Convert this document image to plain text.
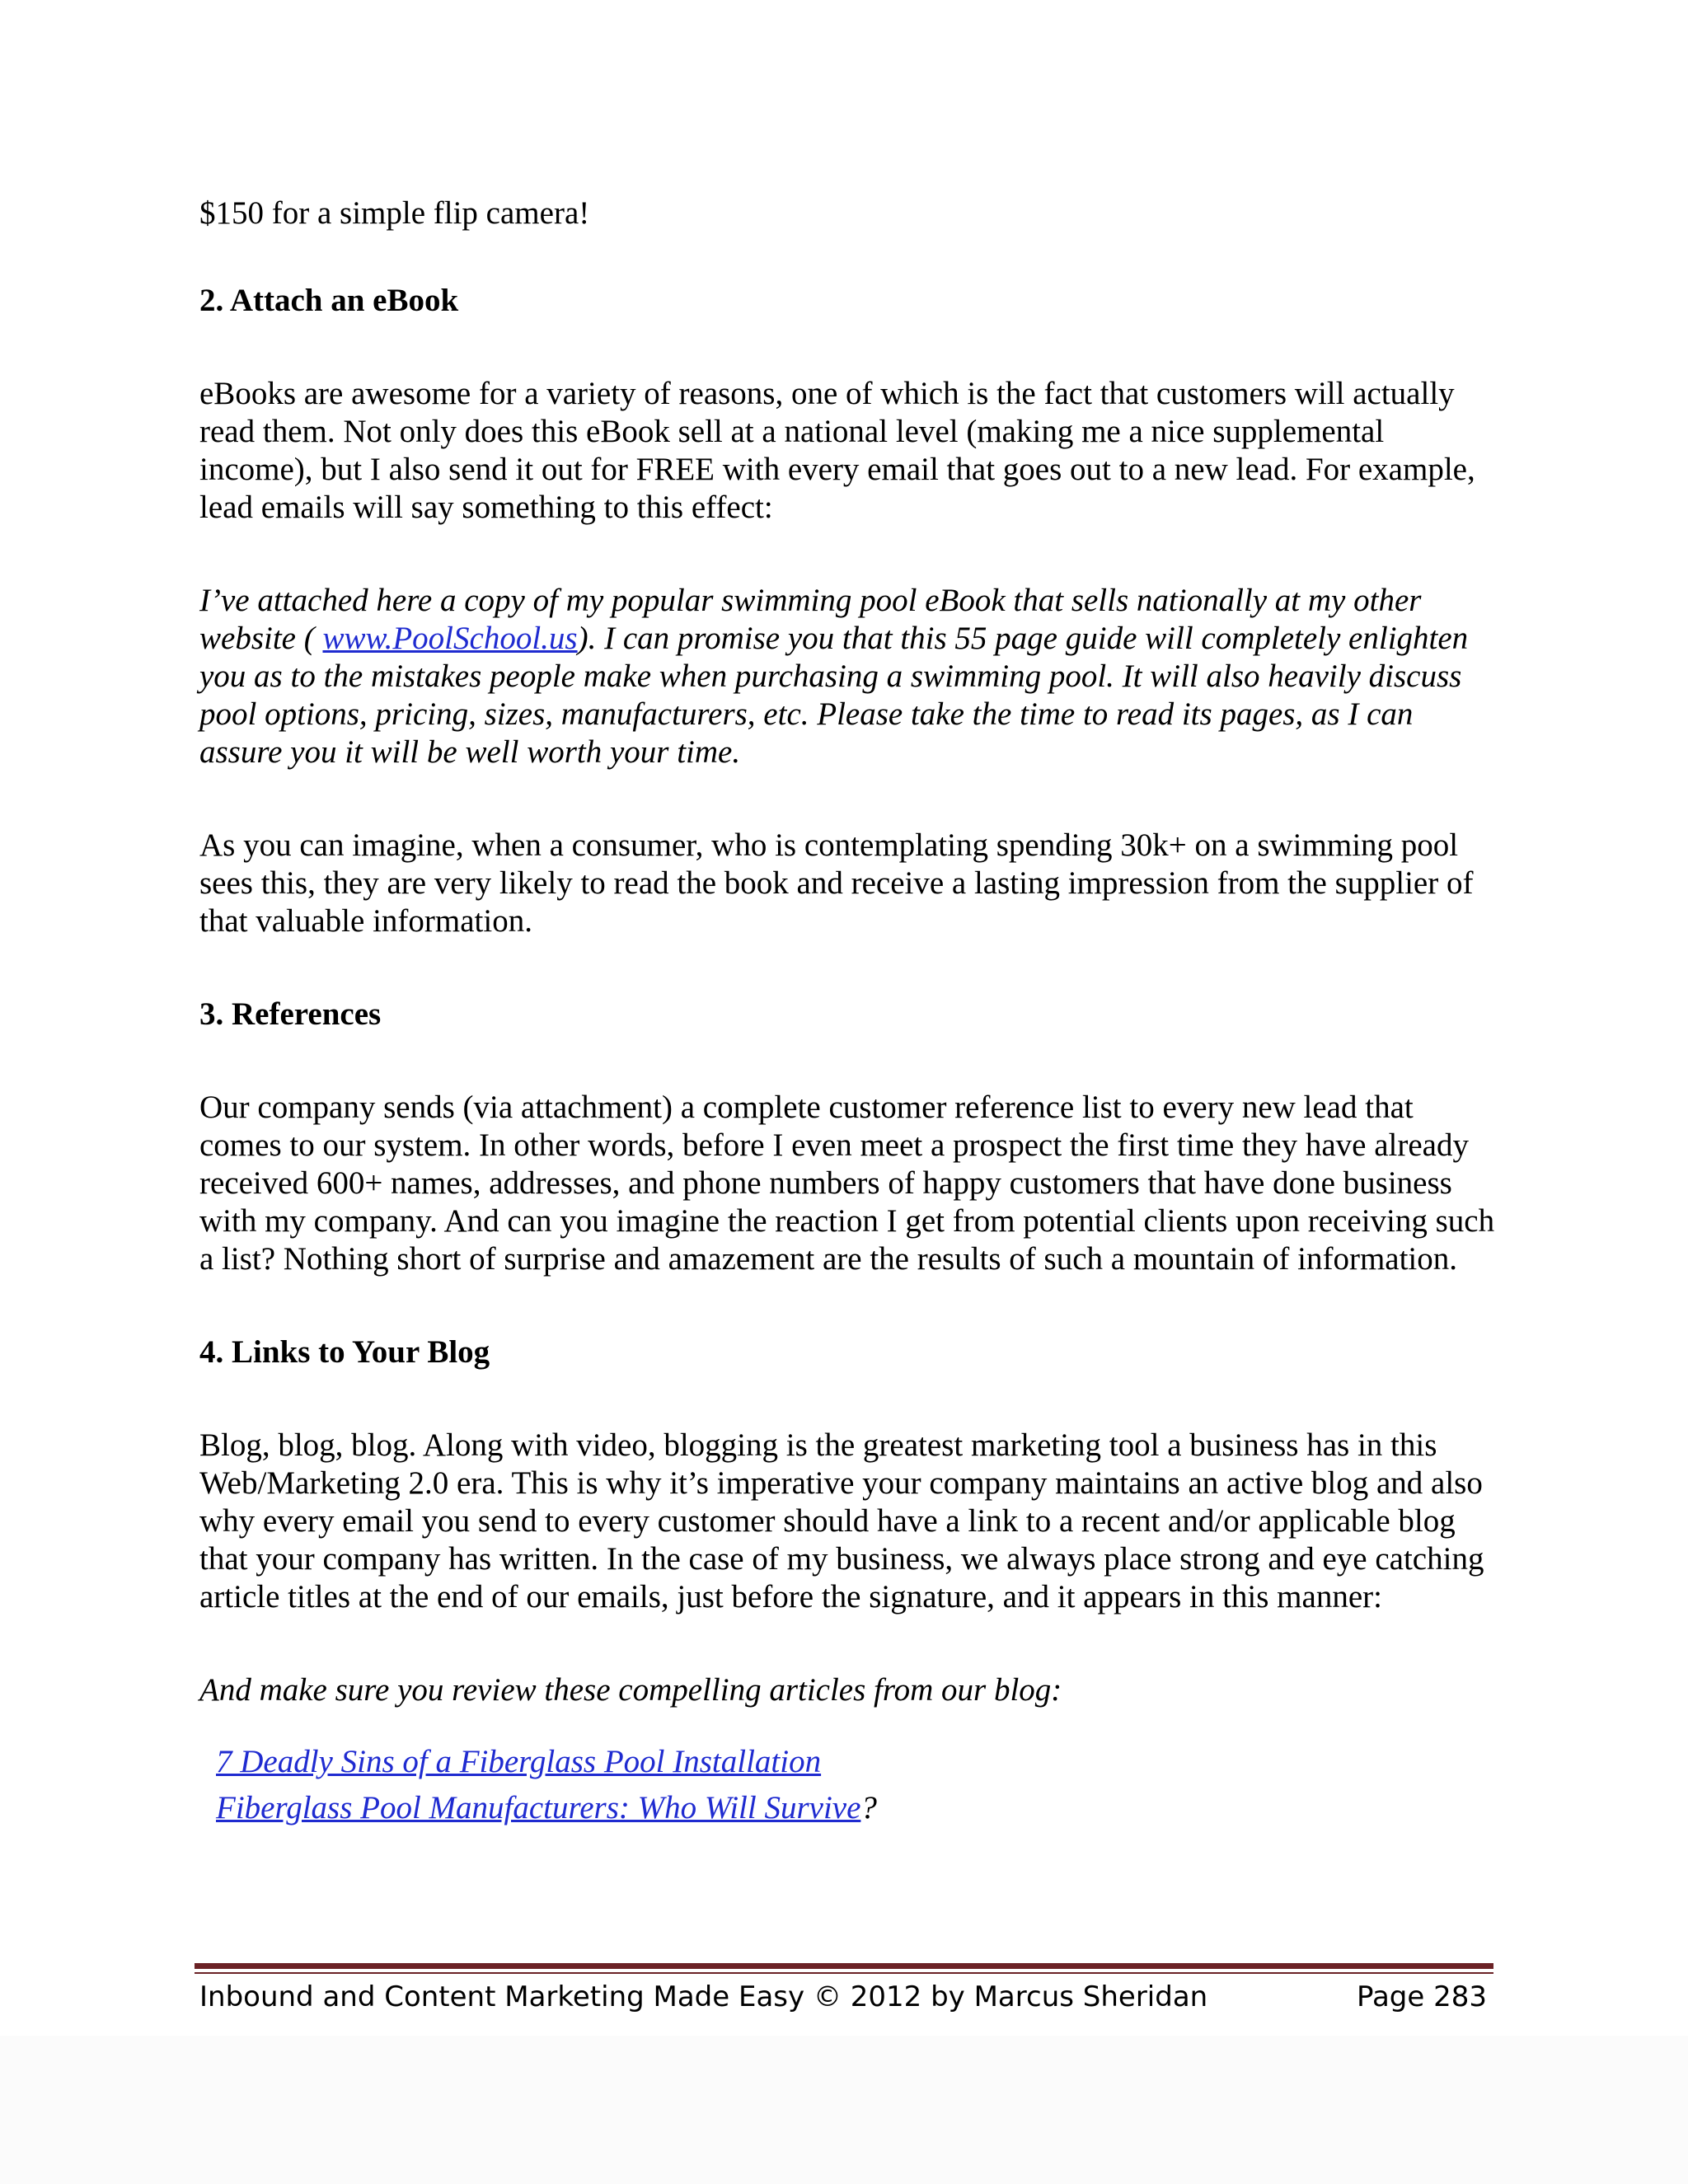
$150 for a simple flip camera!

2. Attach an eBook

eBooks are awesome for a variety of reasons, one of which is the fact that customers will actually read them. Not only does this eBook sell at a national level (making me a nice supplemental income), but I also send it out for FREE with every email that goes out to a new lead. For example, lead emails will say something to this effect:

I’ve attached here a copy of my popular swimming pool eBook that sells nationally at my other website ( www.PoolSchool.us). I can promise you that this 55 page guide will completely enlighten you as to the mistakes people make when purchasing a swimming pool. It will also heavily discuss pool options, pricing, sizes, manufacturers, etc. Please take the time to read its pages, as I can assure you it will be well worth your time.

As you can imagine, when a consumer, who is contemplating spending 30k+ on a swimming pool sees this, they are very likely to read the book and receive a lasting impression from the supplier of that valuable information.

3. References

Our company sends (via attachment) a complete customer reference list to every new lead that comes to our system. In other words, before I even meet a prospect the first time they have already received 600+ names, addresses, and phone numbers of happy customers that have done business with my company. And can you imagine the reaction I get from potential clients upon receiving such a list? Nothing short of surprise and amazement are the results of such a mountain of information.

4. Links to Your Blog

Blog, blog, blog. Along with video, blogging is the greatest marketing tool a business has in this Web/Marketing 2.0 era. This is why it’s imperative your company maintains an active blog and also why every email you send to every customer should have a link to a recent and/or applicable blog that your company has written. In the case of my business, we always place strong and eye catching article titles at the end of our emails, just before the signature, and it appears in this manner:

And make sure you review these compelling articles from our blog:

7 Deadly Sins of a Fiberglass Pool Installation
Fiberglass Pool Manufacturers: Who Will Survive?
Inbound and Content Marketing Made Easy © 2012 by Marcus Sheridan	Page 283
